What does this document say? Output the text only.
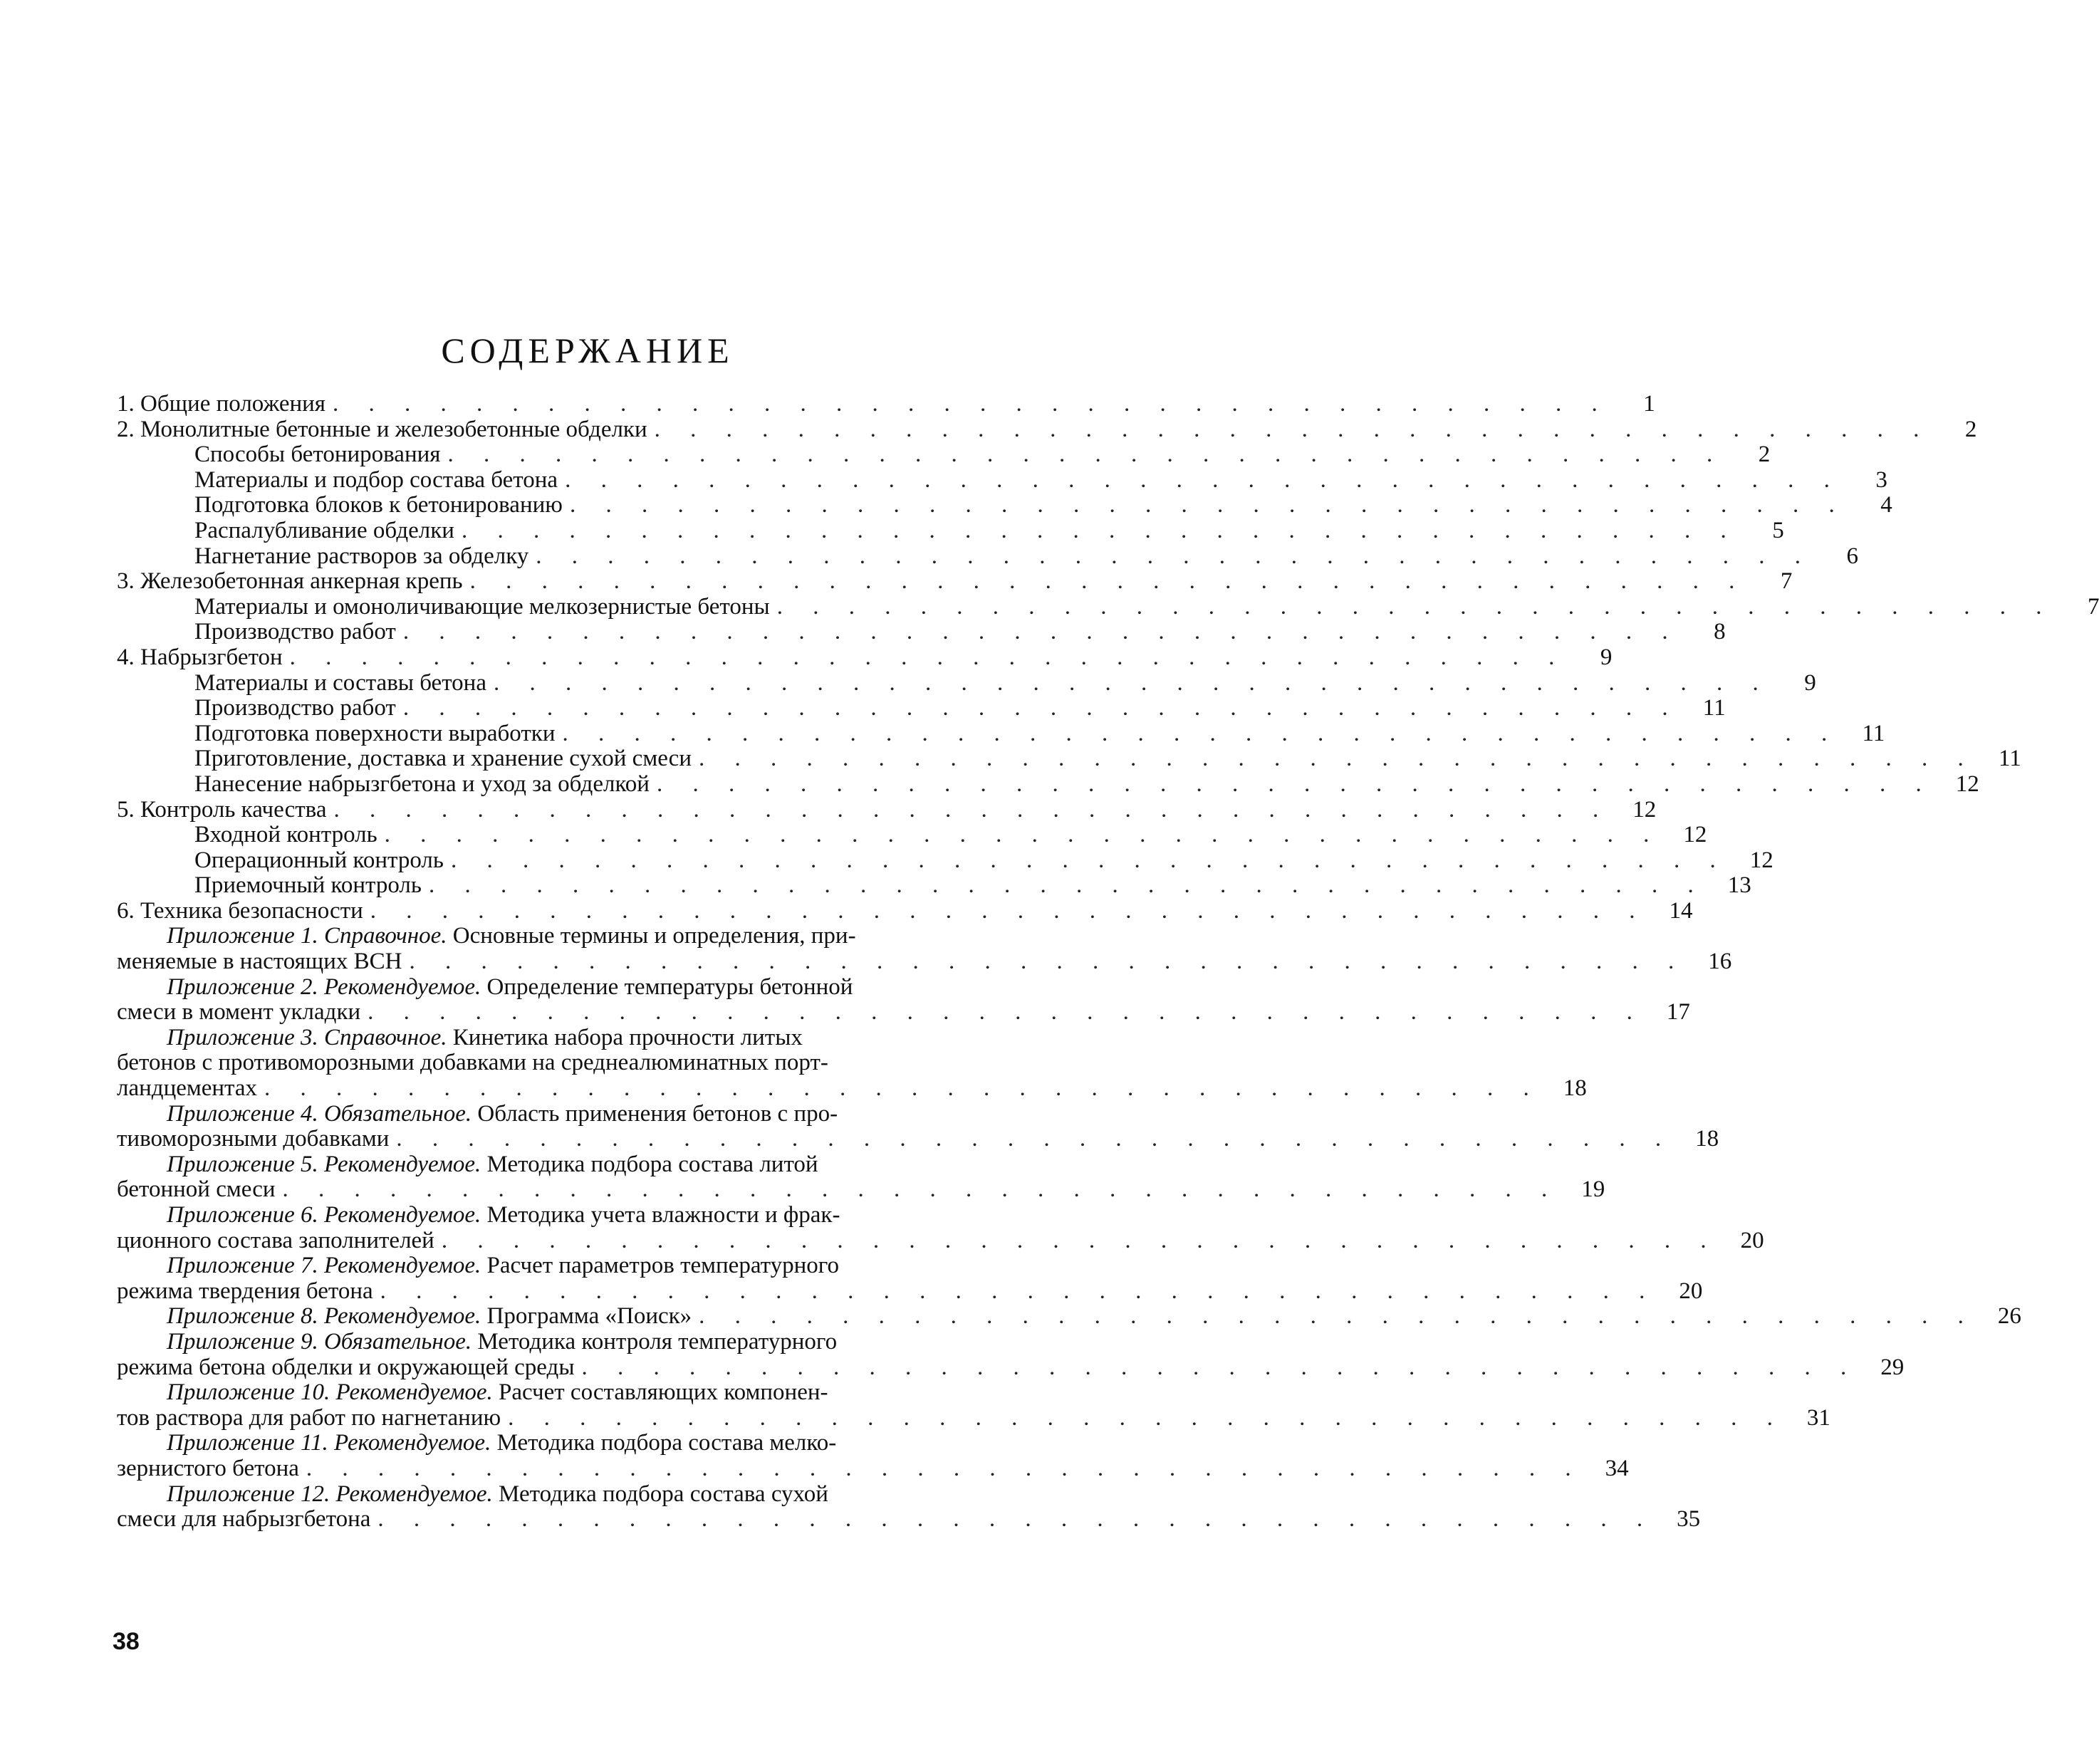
СОДЕРЖАНИЕ
1. Общие положения . . . . . . . . . . . . . . . . . . . . . . . . . . . . . . . . . . . .	1
2. Монолитные бетонные и железобетонные обделки . . . . . . . . . . . . . . . . . . . . . . . . . . . . . . . . . . . .	2
Способы бетонирования . . . . . . . . . . . . . . . . . . . . . . . . . . . . . . . . . . . .	2
Материалы и подбор состава бетона . . . . . . . . . . . . . . . . . . . . . . . . . . . . . . . . . . . .	3
Подготовка блоков к бетонированию . . . . . . . . . . . . . . . . . . . . . . . . . . . . . . . . . . . .	4
Распалубливание обделки . . . . . . . . . . . . . . . . . . . . . . . . . . . . . . . . . . . .	5
Нагнетание растворов за обделку . . . . . . . . . . . . . . . . . . . . . . . . . . . . . . . . . . . .	6
3. Железобетонная анкерная крепь . . . . . . . . . . . . . . . . . . . . . . . . . . . . . . . . . . . .	7
Материалы и омоноличивающие мелкозернистые бетоны . . . . . . . . . . . . . . . . . . . . . . . . . . . . . . . . . . . .	7
Производство работ . . . . . . . . . . . . . . . . . . . . . . . . . . . . . . . . . . . .	8
4. Набрызгбетон . . . . . . . . . . . . . . . . . . . . . . . . . . . . . . . . . . . .	9
Материалы и составы бетона . . . . . . . . . . . . . . . . . . . . . . . . . . . . . . . . . . . .	9
Производство работ . . . . . . . . . . . . . . . . . . . . . . . . . . . . . . . . . . . . 11
Подготовка поверхности выработки . . . . . . . . . . . . . . . . . . . . . . . . . . . . . . . . . . . . 11
Приготовление, доставка и хранение сухой смеси . . . . . . . . . . . . . . . . . . . . . . . . . . . . . . . . . . . . 11
Нанесение набрызгбетона и уход за обделкой . . . . . . . . . . . . . . . . . . . . . . . . . . . . . . . . . . . . 12
5. Контроль качества . . . . . . . . . . . . . . . . . . . . . . . . . . . . . . . . . . . . 12
Входной контроль . . . . . . . . . . . . . . . . . . . . . . . . . . . . . . . . . . . . 12
Операционный контроль . . . . . . . . . . . . . . . . . . . . . . . . . . . . . . . . . . . . 12
Приемочный контроль . . . . . . . . . . . . . . . . . . . . . . . . . . . . . . . . . . . . 13
6. Техника безопасности . . . . . . . . . . . . . . . . . . . . . . . . . . . . . . . . . . . . 14
Приложение 1. Справочное. Основные термины и определения, при-
меняемые в настоящих ВСН . . . . . . . . . . . . . . . . . . . . . . . . . . . . . . . . . . . . 16
Приложение 2. Рекомендуемое. Определение температуры бетонной
смеси в момент укладки . . . . . . . . . . . . . . . . . . . . . . . . . . . . . . . . . . . . 17
Приложение 3. Справочное. Кинетика набора прочности литых
бетонов с противоморозными добавками на среднеалюминатных порт-
ландцементах . . . . . . . . . . . . . . . . . . . . . . . . . . . . . . . . . . . . 18
Приложение 4. Обязательное. Область применения бетонов с про-
тивоморозными добавками . . . . . . . . . . . . . . . . . . . . . . . . . . . . . . . . . . . . 18
Приложение 5. Рекомендуемое. Методика подбора состава литой
бетонной смеси . . . . . . . . . . . . . . . . . . . . . . . . . . . . . . . . . . . . 19
Приложение 6. Рекомендуемое. Методика учета влажности и фрак-
ционного состава заполнителей . . . . . . . . . . . . . . . . . . . . . . . . . . . . . . . . . . . . 20
Приложение 7. Рекомендуемое. Расчет параметров температурного
режима твердения бетона . . . . . . . . . . . . . . . . . . . . . . . . . . . . . . . . . . . . 20
Приложение 8. Рекомендуемое. Программа «Поиск» . . . . . . . . . . . . . . . . . . . . . . . . . . . . . . . . . . . . 26
Приложение 9. Обязательное. Методика контроля температурного
режима бетона обделки и окружающей среды . . . . . . . . . . . . . . . . . . . . . . . . . . . . . . . . . . . . 29
Приложение 10. Рекомендуемое. Расчет составляющих компонен-
тов раствора для работ по нагнетанию . . . . . . . . . . . . . . . . . . . . . . . . . . . . . . . . . . . . 31
Приложение 11. Рекомендуемое. Методика подбора состава мелко-
зернистого бетона . . . . . . . . . . . . . . . . . . . . . . . . . . . . . . . . . . . . 34
Приложение 12. Рекомендуемое. Методика подбора состава сухой
смеси для набрызгбетона . . . . . . . . . . . . . . . . . . . . . . . . . . . . . . . . . . . . 35
38
